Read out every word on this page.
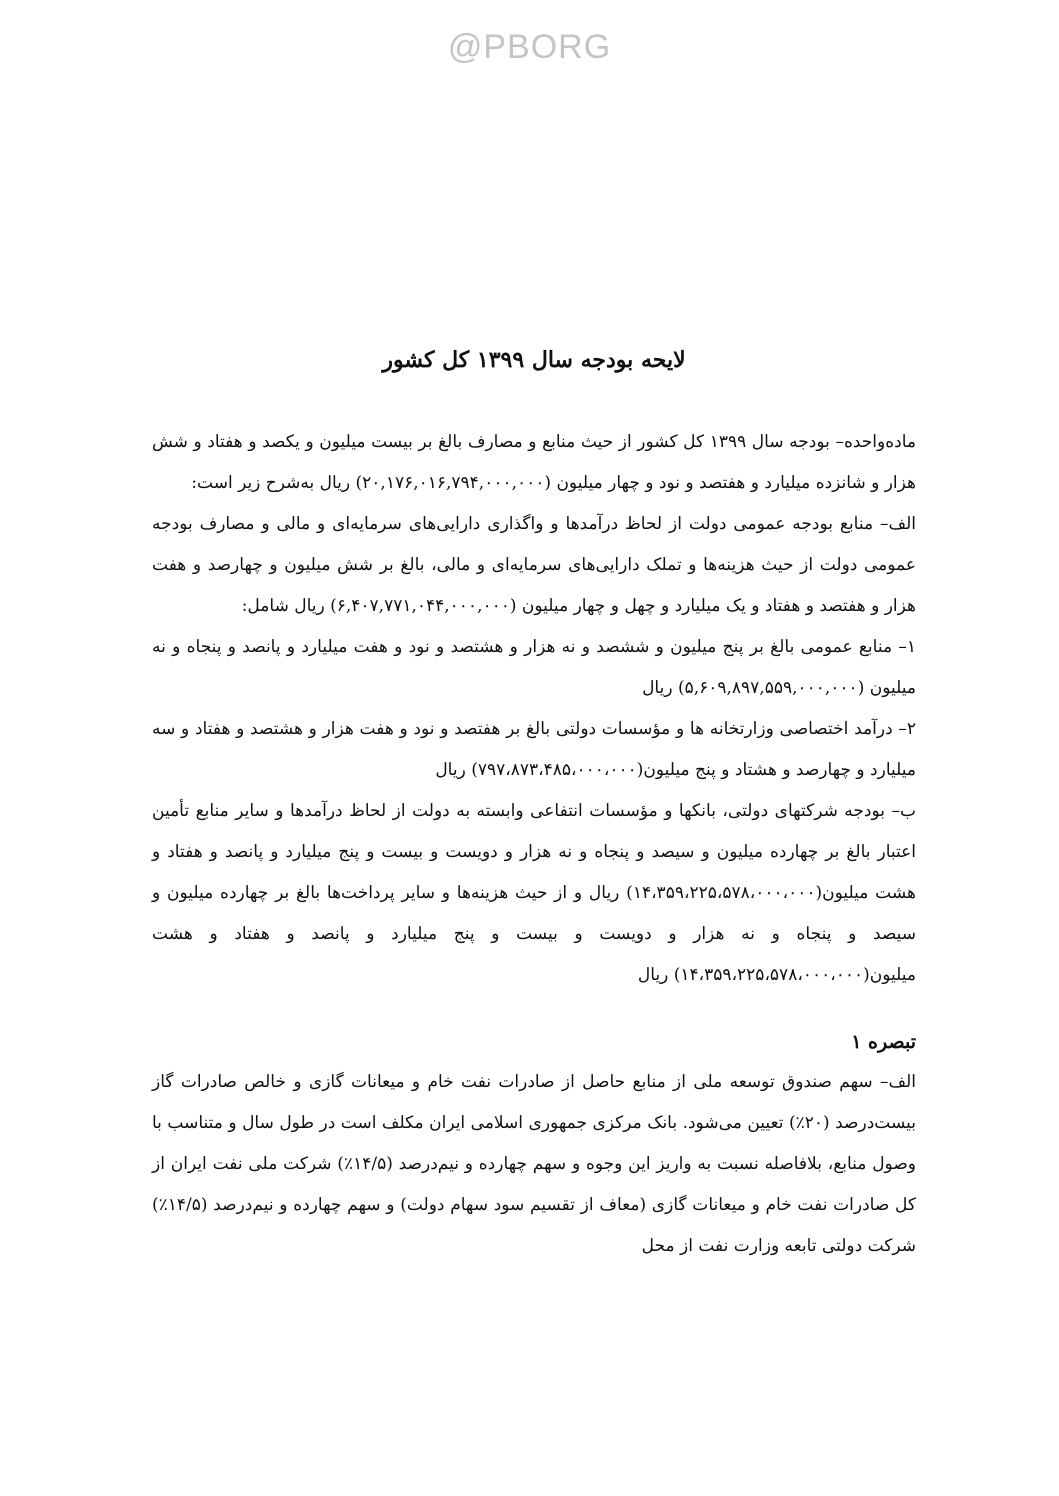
@PBORG
لایحه بودجه سال ۱۳۹۹ کل کشور

ماده‌واحده– بودجه سال ۱۳۹۹ کل کشور از حیث منابع و مصارف بالغ بر بیست میلیون و یکصد و هفتاد و شش هزار و شانزده میلیارد و هفتصد و نود و چهار میلیون (۲۰,۱۷۶,۰۱۶,۷۹۴,۰۰۰,۰۰۰) ریال به‌شرح زیر است:

الف– منابع بودجه عمومی دولت از لحاظ درآمدها و واگذاری دارایی‌های سرمایه‌ای و مالی و مصارف بودجه عمومی دولت از حیث هزینه‌ها و تملک دارایی‌های سرمایه‌ای و مالی، بالغ بر شش میلیون و چهارصد و هفت هزار و هفتصد و هفتاد و یک میلیارد و چهل و چهار میلیون (۶,۴۰۷,۷۷۱,۰۴۴,۰۰۰,۰۰۰) ریال شامل:

۱– منابع عمومی بالغ بر پنج میلیون و ششصد و نه هزار و هشتصد و نود و هفت میلیارد و پانصد و پنجاه و نه میلیون (۵,۶۰۹,۸۹۷,۵۵۹,۰۰۰,۰۰۰) ریال

۲– درآمد اختصاصی وزارتخانه ها و مؤسسات دولتی بالغ بر هفتصد و نود و هفت هزار و هشتصد و هفتاد و سه میلیارد و چهارصد و هشتاد و پنج میلیون(۷۹۷،۸۷۳،۴۸۵،۰۰۰،۰۰۰) ریال

ب– بودجه شرکتهای دولتی، بانکها و مؤسسات انتفاعی وابسته به دولت از لحاظ درآمدها و سایر منابع تأمین اعتبار بالغ بر چهارده میلیون و سیصد و پنجاه و نه هزار و دویست و بیست و پنج میلیارد و پانصد و هفتاد و هشت میلیون(۱۴،۳۵۹،۲۲۵،۵۷۸،۰۰۰،۰۰۰) ریال و از حیث هزینه‌ها و سایر پرداخت‌ها بالغ بر چهارده میلیون و سیصد و پنجاه و نه هزار و دویست و بیست و پنج میلیارد و پانصد و هفتاد و هشت میلیون(۱۴،۳۵۹،۲۲۵،۵۷۸،۰۰۰،۰۰۰) ریال

تبصره ۱

الف– سهم صندوق توسعه ملی از منابع حاصل از صادرات نفت خام و میعانات گازی و خالص صادرات گاز بیست‌درصد (۲۰٪) تعیین می‌شود. بانک مرکزی جمهوری اسلامی ایران مکلف است در طول سال و متناسب با وصول منابع، بلافاصله نسبت به واریز این وجوه و سهم چهارده و نیم‌درصد (۱۴/۵٪) شرکت ملی نفت ایران از کل صادرات نفت خام و میعانات گازی (معاف از تقسیم سود سهام دولت) و سهم چهارده و نیم‌درصد (۱۴/۵٪) شرکت دولتی تابعه وزارت نفت از محل
